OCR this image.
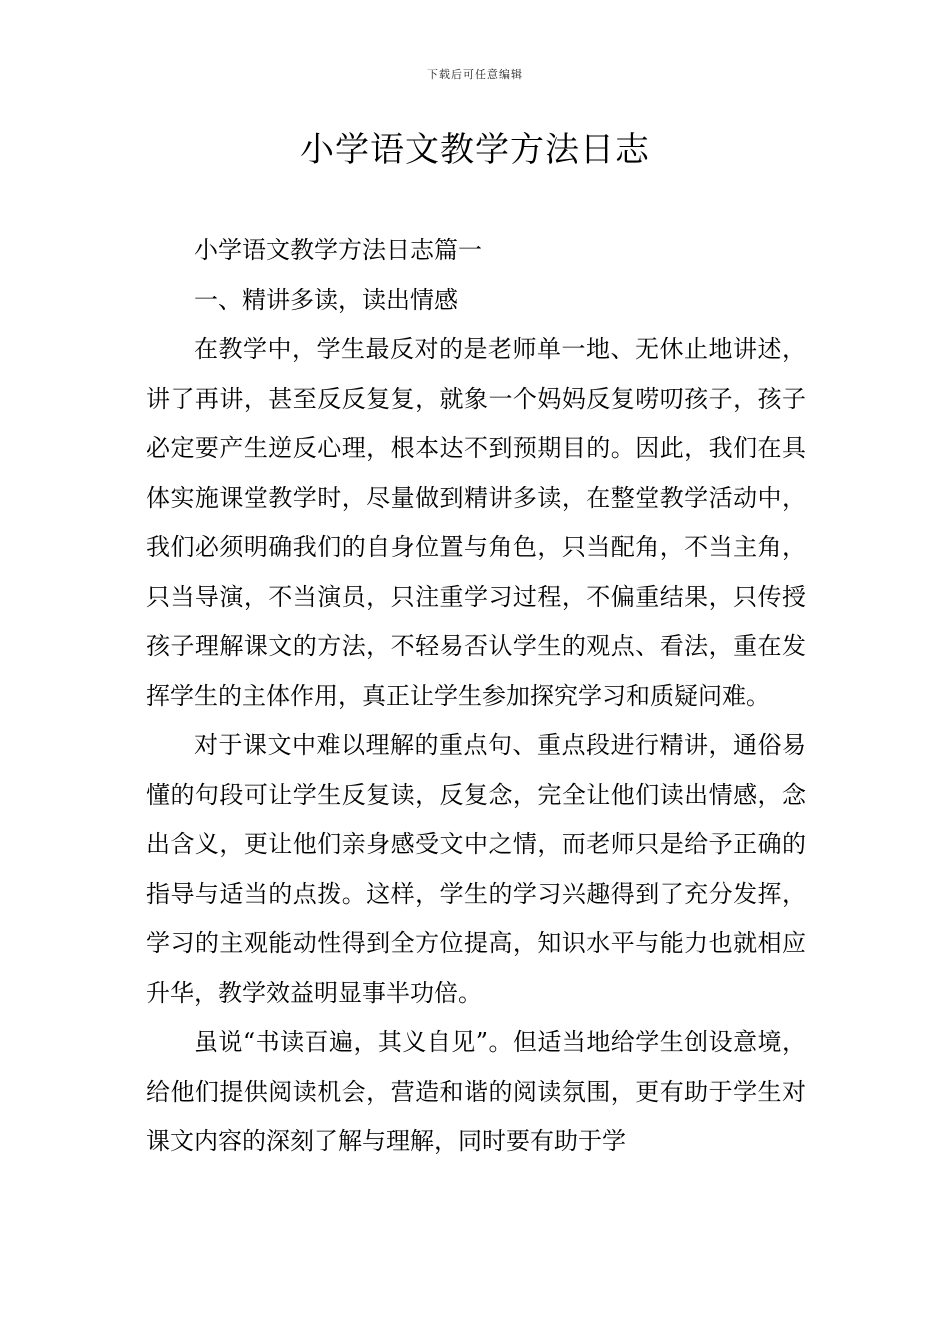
下载后可任意编辑
小学语文教学方法日志

小学语文教学方法日志篇一

一、精讲多读，读出情感

在教学中，学生最反对的是老师单一地、无休止地讲述，讲了再讲，甚至反反复复，就象一个妈妈反复唠叨孩子，孩子必定要产生逆反心理，根本达不到预期目的。因此，我们在具体实施课堂教学时，尽量做到精讲多读，在整堂教学活动中，我们必须明确我们的自身位置与角色，只当配角，不当主角，只当导演，不当演员，只注重学习过程，不偏重结果，只传授孩子理解课文的方法，不轻易否认学生的观点、看法，重在发挥学生的主体作用，真正让学生参加探究学习和质疑问难。

对于课文中难以理解的重点句、重点段进行精讲，通俗易懂的句段可让学生反复读，反复念，完全让他们读出情感，念出含义，更让他们亲身感受文中之情，而老师只是给予正确的指导与适当的点拨。这样，学生的学习兴趣得到了充分发挥，学习的主观能动性得到全方位提高，知识水平与能力也就相应升华，教学效益明显事半功倍。

虽说“书读百遍，其义自见”。但适当地给学生创设意境，给他们提供阅读机会，营造和谐的阅读氛围，更有助于学生对课文内容的深刻了解与理解，同时要有助于学
